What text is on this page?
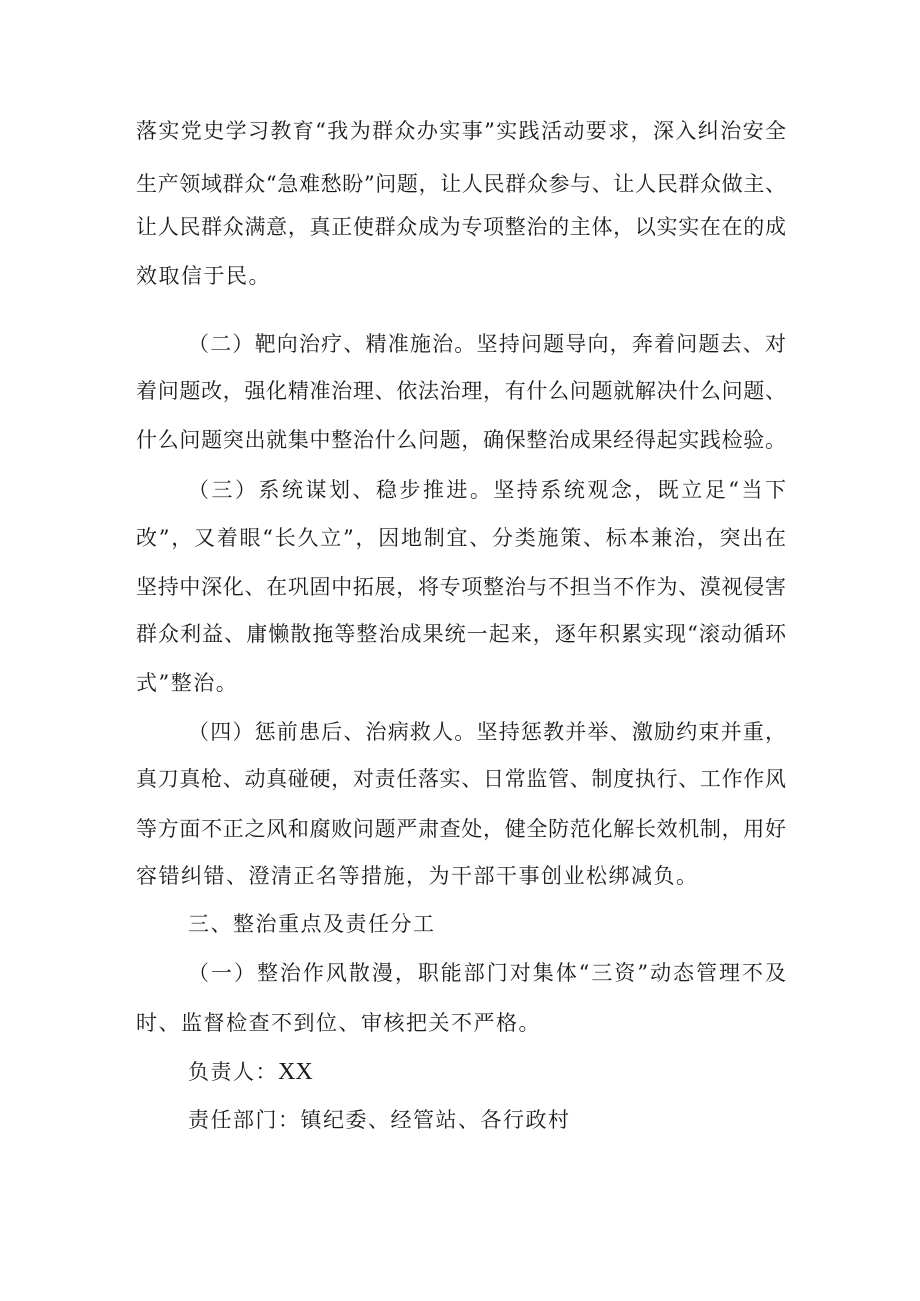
落实党史学习教育“我为群众办实事”实践活动要求，深入纠治安全
生产领域群众“急难愁盼”问题，让人民群众参与、让人民群众做主、
让人民群众满意，真正使群众成为专项整治的主体，以实实在在的成
效取信于民。
（二）靶向治疗、精准施治。坚持问题导向，奔着问题去、对
着问题改，强化精准治理、依法治理，有什么问题就解决什么问题、
什么问题突出就集中整治什么问题，确保整治成果经得起实践检验。
（三）系统谋划、稳步推进。坚持系统观念，既立足“当下
改”，又着眼“长久立”，因地制宜、分类施策、标本兼治，突出在
坚持中深化、在巩固中拓展，将专项整治与不担当不作为、漠视侵害
群众利益、庸懒散拖等整治成果统一起来，逐年积累实现“滚动循环
式”整治。
（四）惩前患后、治病救人。坚持惩教并举、激励约束并重，
真刀真枪、动真碰硬，对责任落实、日常监管、制度执行、工作作风
等方面不正之风和腐败问题严肃查处，健全防范化解长效机制，用好
容错纠错、澄清正名等措施，为干部干事创业松绑减负。
三、整治重点及责任分工
（一）整治作风散漫，职能部门对集体“三资”动态管理不及
时、监督检查不到位、审核把关不严格。
负责人：XX
责任部门：镇纪委、经管站、各行政村
